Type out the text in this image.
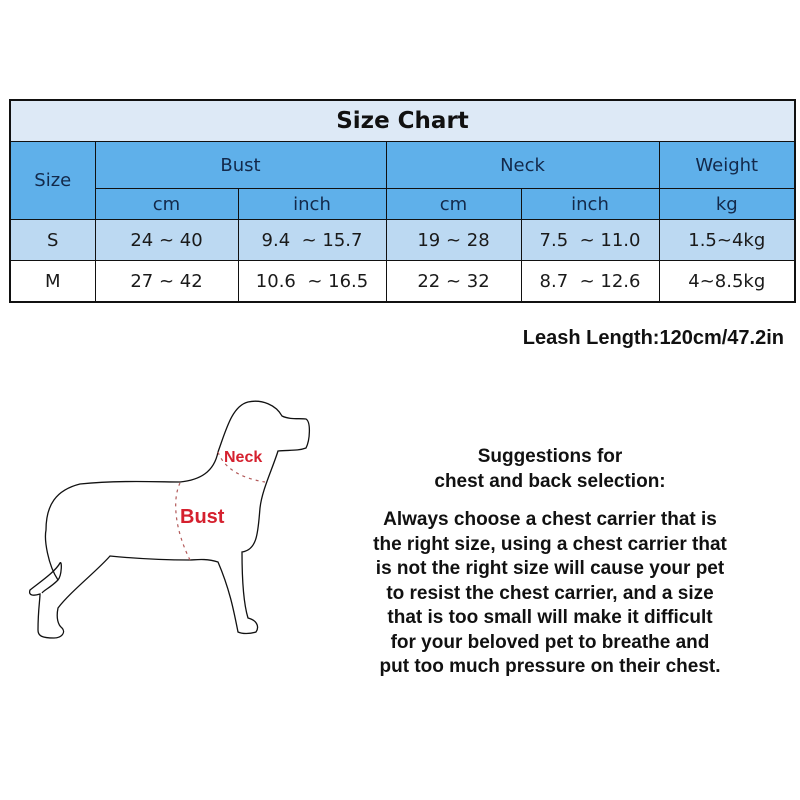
Size Chart					
Size	Bust		Neck		Weight
	cm	inch	cm	inch	kg
S	24 ~ 40	9.4  ~ 15.7	19 ~ 28	7.5  ~ 11.0	1.5~4kg
M	27 ~ 42	10.6  ~ 16.5	22 ~ 32	8.7  ~ 12.6	4~8.5kg
Leash Length:120cm/47.2in
Neck
Bust
Suggestions for
chest and back selection:
Always choose a chest carrier that is
the right size, using a chest carrier that
is not the right size will cause your pet
to resist the chest carrier, and a size
that is too small will make it difficult
for your beloved pet to breathe and
put too much pressure on their chest.
